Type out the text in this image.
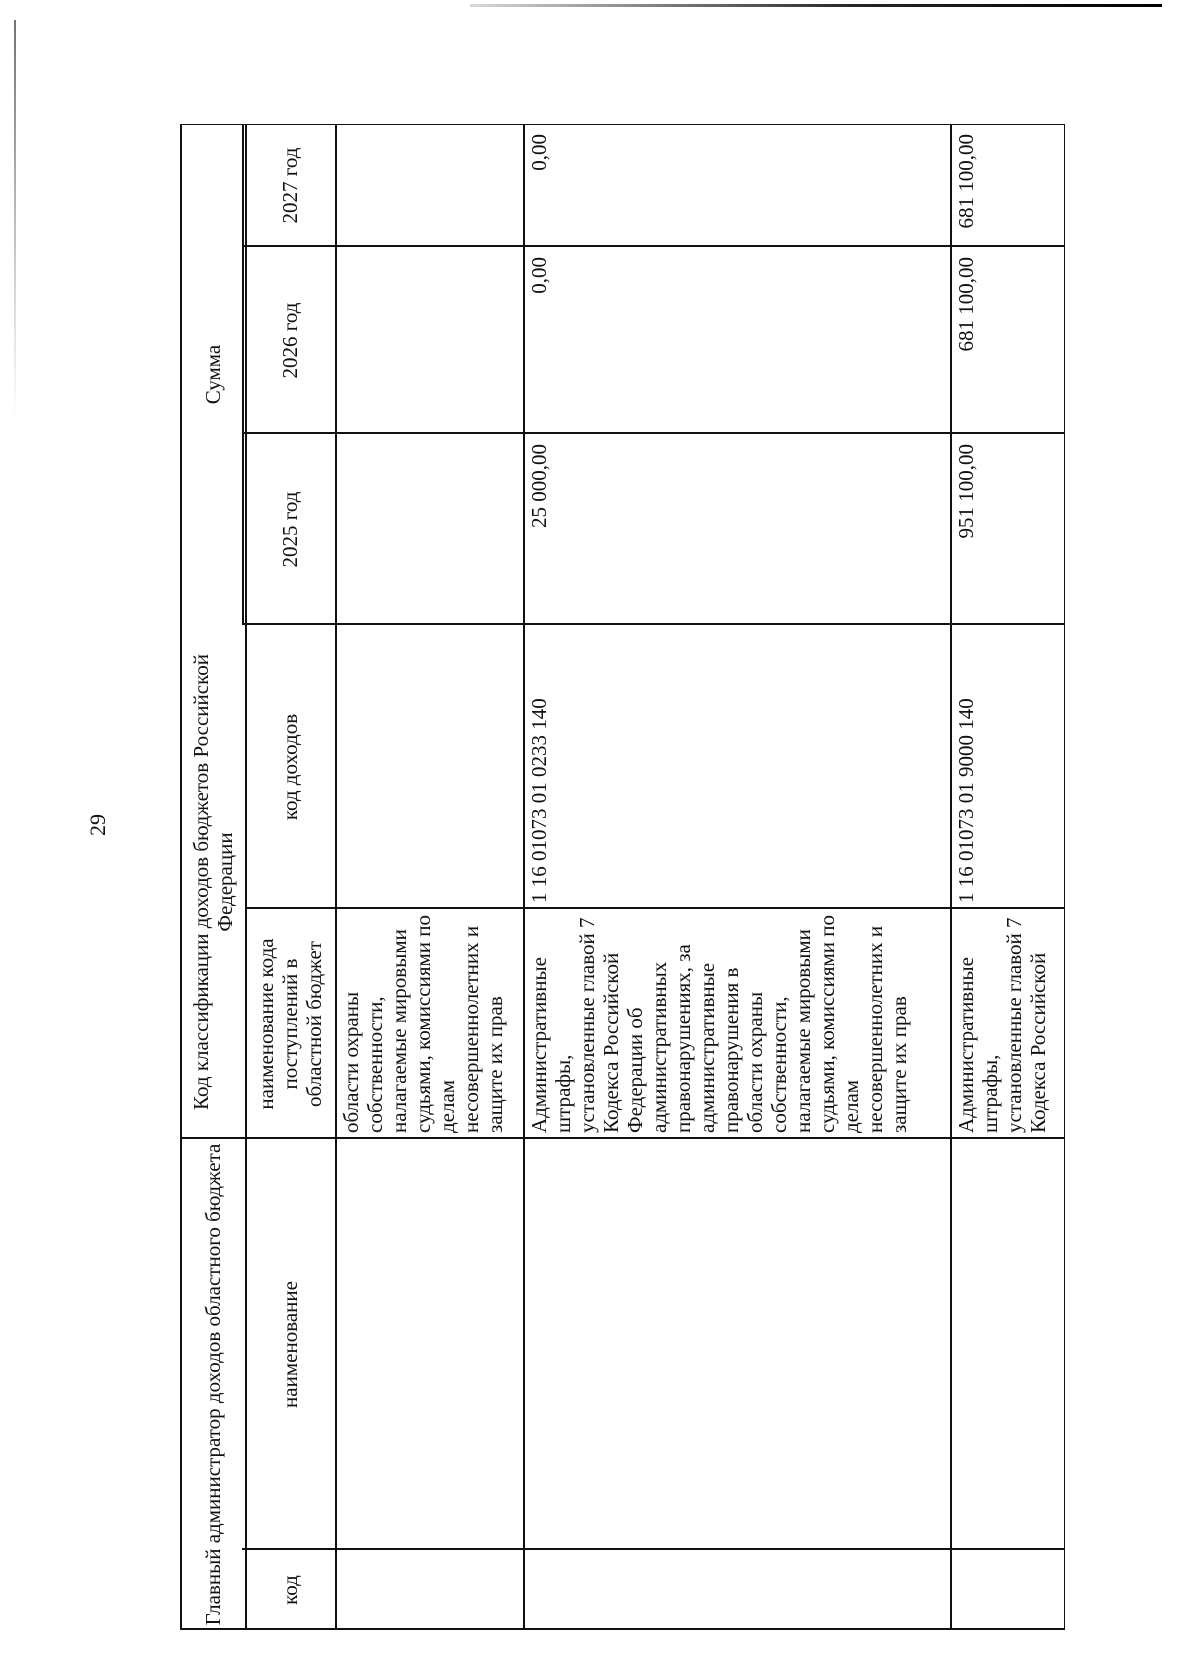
29
Главный администратор доходов областного бюджета
Код классификации доходов бюджетов Российской Федерации
Сумма
код
наименование
наименование кода поступлений в областной бюджет
код доходов
2025 год
2026 год
2027 год
области охраны собственности, налагаемые мировыми судьями, комиссиями по делам несовершеннолетних и защите их прав Административные штрафы, установленные главой 7 Кодекса Российской Федерации об административных правонарушениях, за административные правонарушения в области охраны собственности, налагаемые мировыми судьями, комиссиями по делам несовершеннолетних и защите их прав
1 16 01073 01 0233 140
25 000,00
0,00
0,00
Административные штрафы, установленные главой 7 Кодекса Российской
1 16 01073 01 9000 140
951 100,00
681 100,00
681 100,00
